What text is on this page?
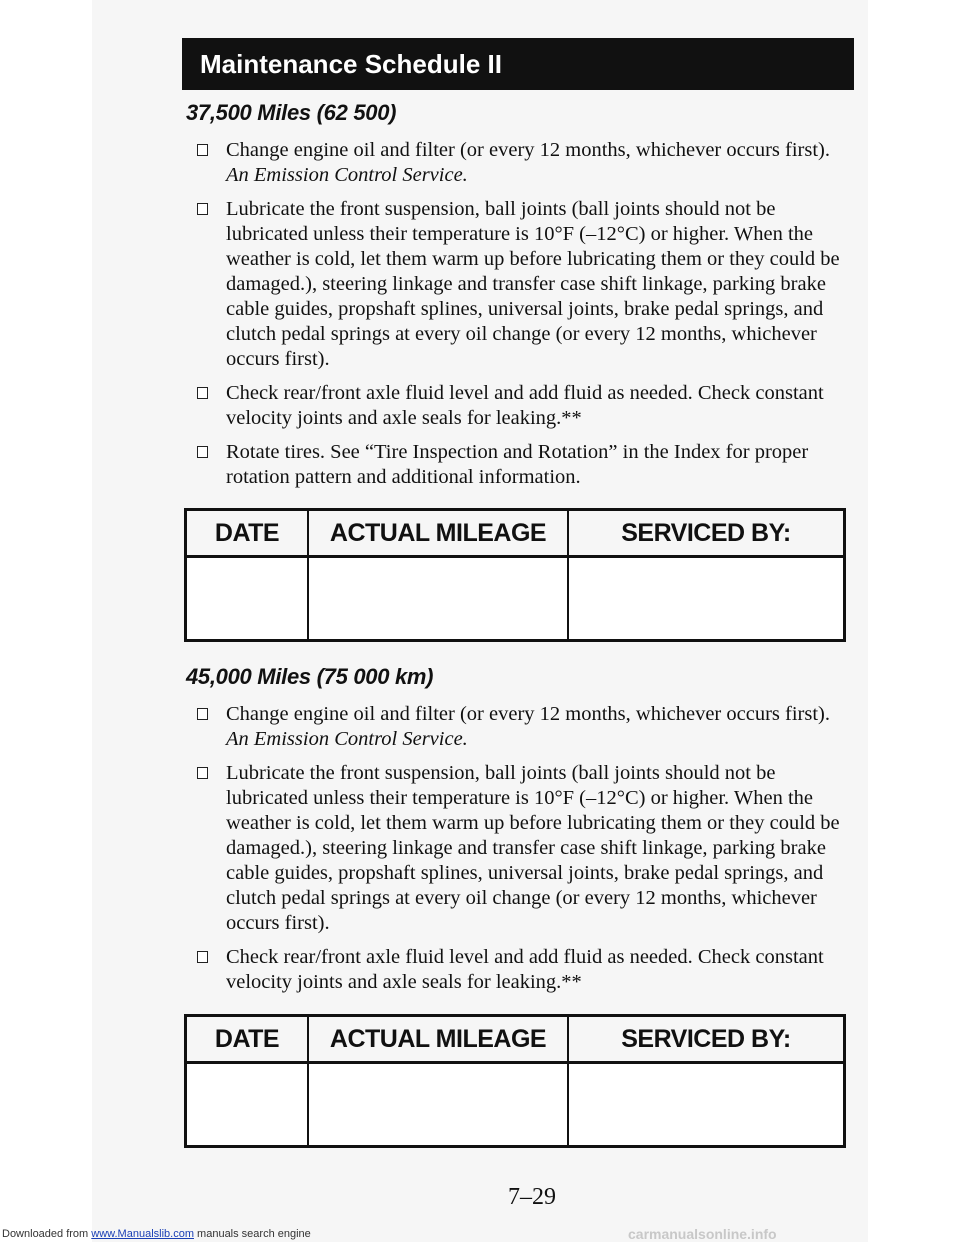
Maintenance Schedule II
37,500 Miles (62 500)
Change engine oil and filter (or every 12 months, whichever occurs first). An Emission Control Service.
Lubricate the front suspension, ball joints (ball joints should not be lubricated unless their temperature is 10°F (–12°C) or higher. When the weather is cold, let them warm up before lubricating them or they could be damaged.), steering linkage and transfer case shift linkage, parking brake cable guides, propshaft splines, universal joints, brake pedal springs, and clutch pedal springs at every oil change (or every 12 months, whichever occurs first).
Check rear/front axle fluid level and add fluid as needed. Check constant velocity joints and axle seals for leaking.**
Rotate tires. See “Tire Inspection and Rotation” in the Index for proper rotation pattern and additional information.
DATE	ACTUAL MILEAGE	SERVICED BY:

45,000 Miles (75 000 km)
Change engine oil and filter (or every 12 months, whichever occurs first). An Emission Control Service.
Lubricate the front suspension, ball joints (ball joints should not be lubricated unless their temperature is 10°F (–12°C) or higher. When the weather is cold, let them warm up before lubricating them or they could be damaged.), steering linkage and transfer case shift linkage, parking brake cable guides, propshaft splines, universal joints, brake pedal springs, and clutch pedal springs at every oil change (or every 12 months, whichever occurs first).
Check rear/front axle fluid level and add fluid as needed. Check constant velocity joints and axle seals for leaking.**
DATE	ACTUAL MILEAGE	SERVICED BY:

7–29
Downloaded from www.Manualslib.com manuals search engine	carmanualsonline.info
